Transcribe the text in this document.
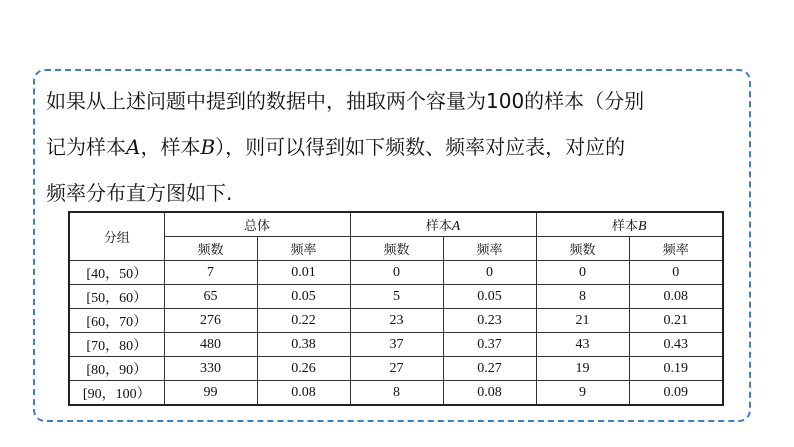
如果从上述问题中提到的数据中，抽取两个容量为100的样本（分别
记为样本A，样本B），则可以得到如下频数、频率对应表，对应的
频率分布直方图如下.

分组	总体		样本A		样本B	
	频数	频率	频数	频率	频数	频率
[40，50）	7	0.01	0	0	0	0
[50，60）	65	0.05	5	0.05	8	0.08
[60，70）	276	0.22	23	0.23	21	0.21
[70，80）	480	0.38	37	0.37	43	0.43
[80，90）	330	0.26	27	0.27	19	0.19
[90，100）	99	0.08	8	0.08	9	0.09
